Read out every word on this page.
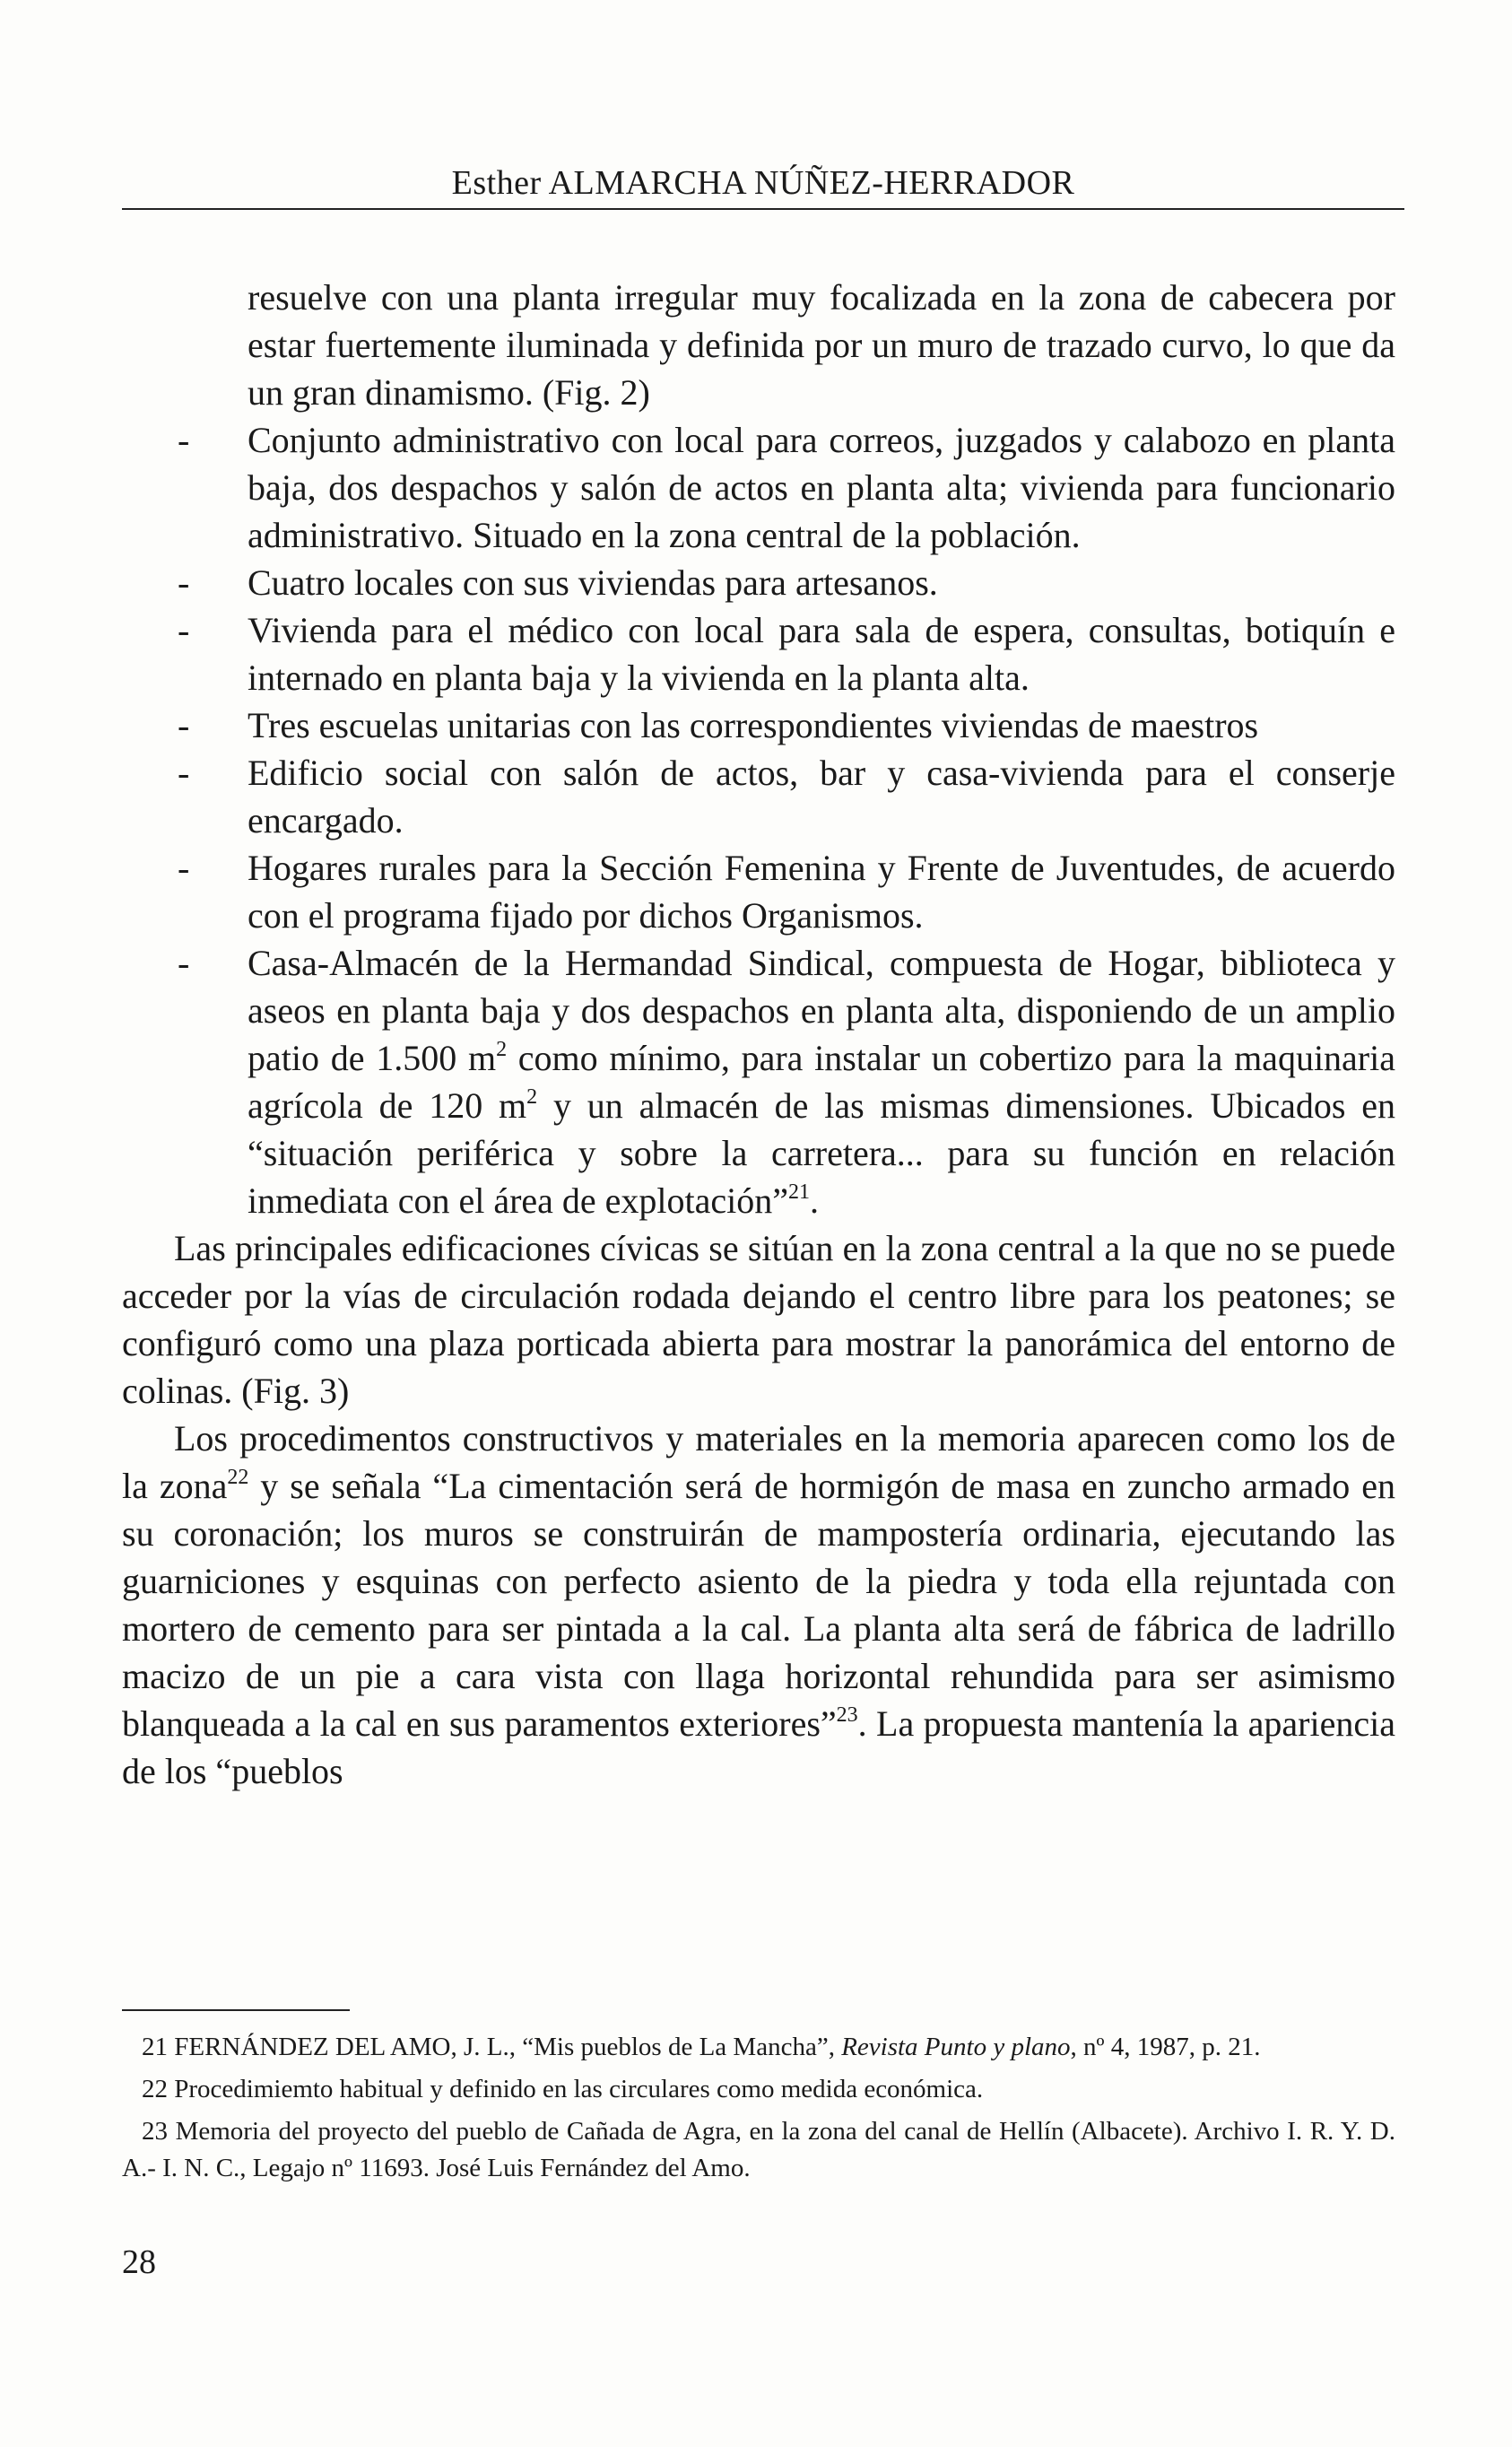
Esther ALMARCHA NÚÑEZ-HERRADOR

resuelve con una planta irregular muy focalizada en la zona de cabecera por estar fuertemente iluminada y definida por un muro de trazado curvo, lo que da un gran dinamismo. (Fig. 2)

- Conjunto administrativo con local para correos, juzgados y calabozo en planta baja, dos despachos y salón de actos en planta alta; vivienda para funcionario administrativo. Situado en la zona central de la población.

- Cuatro locales con sus viviendas para artesanos.

- Vivienda para el médico con local para sala de espera, consultas, botiquín e internado en planta baja y la vivienda en la planta alta.

- Tres escuelas unitarias con las correspondientes viviendas de maestros

- Edificio social con salón de actos, bar y casa-vivienda para el conserje encargado.

- Hogares rurales para la Sección Femenina y Frente de Juventudes, de acuerdo con el programa fijado por dichos Organismos.

- Casa-Almacén de la Hermandad Sindical, compuesta de Hogar, biblioteca y aseos en planta baja y dos despachos en planta alta, disponiendo de un amplio patio de 1.500 $m^2$ como mínimo, para instalar un cobertizo para la maquinaria agrícola de 120 $m^2$ y un almacén de las mismas dimensiones. Ubicados en “situación periférica y sobre la carretera... para su función en relación inmediata con el área de explotación”$^{21}$.

Las principales edificaciones cívicas se sitúan en la zona central a la que no se puede acceder por la vías de circulación rodada dejando el centro libre para los peatones; se configuró como una plaza porticada abierta para mostrar la panorámica del entorno de colinas. (Fig. 3)

Los procedimentos constructivos y materiales en la memoria aparecen como los de la zona$^{22}$ y se señala “La cimentación será de hormigón de masa en zuncho armado en su coronación; los muros se construirán de mampostería ordinaria, ejecutando las guarniciones y esquinas con perfecto asiento de la piedra y toda ella rejuntada con mortero de cemento para ser pintada a la cal. La planta alta será de fábrica de ladrillo macizo de un pie a cara vista con llaga horizontal rehundida para ser asimismo blanqueada a la cal en sus paramentos exteriores”$^{23}$. La propuesta mantenía la apariencia de los “pueblos

21 FERNÁNDEZ DEL AMO, J. L., “Mis pueblos de La Mancha”, Revista Punto y plano, nº 4, 1987, p. 21.

22 Procedimiemto habitual y definido en las circulares como medida económica.

23 Memoria del proyecto del pueblo de Cañada de Agra, en la zona del canal de Hellín (Albacete). Archivo I. R. Y. D. A.- I. N. C., Legajo nº 11693. José Luis Fernández del Amo.

28
